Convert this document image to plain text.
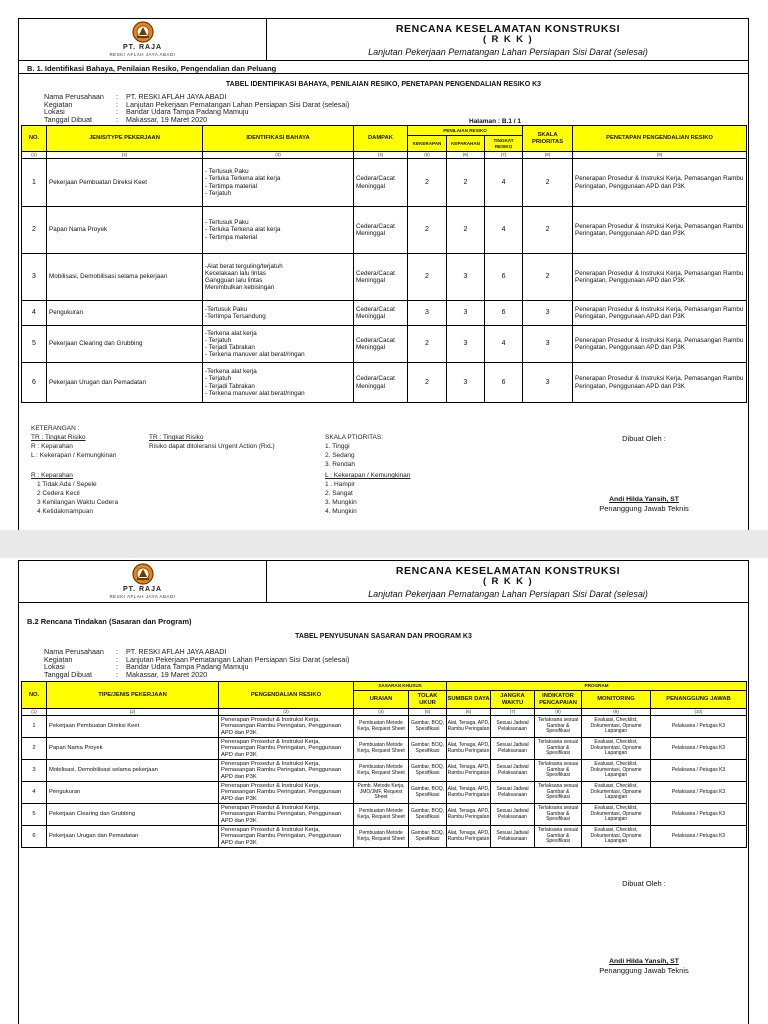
PT. RAJA
RESKI AFLAH JAYA ABADI
RENCANA KESELAMATAN KONSTRUKSI
( R K K )
Lanjutan Pekerjaan Pematangan Lahan Persiapan Sisi Darat (selesai)
B. 1. Identifikasi Bahaya, Penilaian Resiko, Pengendalian dan Peluang
TABEL IDENTIFIKASI BAHAYA, PENILAIAN RESIKO, PENETAPAN PENGENDALIAN RESIKO K3
Nama Perusahaan	:	PT. RESKI AFLAH JAYA ABADI
Kegiatan	:	Lanjutan Pekerjaan Pematangan Lahan Persiapan Sisi Darat (selesai)
Lokasi	:	Bandar Udara Tampa Padang Mamuju
Tanggal Dibuat	:	Makassar, 19 Maret 2020	Halaman : B.1 / 1
NO.	JENIS/TYPE PEKERJAAN	IDENTIFIKASI BAHAYA	DAMPAK	PENILAIAN RESIKO			SKALA PRIORITAS	PENETAPAN PENGENDALIAN RESIKO
				KEKERAPAN	KEPARAHAN	TINGKAT RESIKO		
(1)	(2)	(3)	(4)	(5)	(6)	(7)	(8)	(9)
1	Pekerjaan Pembuatan Direksi Keet	- Tertusuk Paku
- Terluka Terkena alat kerja
- Tertimpa material
- Terjatuh	Cedera/Cacat Meninggal	2	2	4	2	Penerapan Prosedur & Instruksi Kerja, Pemasangan Rambu Peringatan, Penggunaan APD dan P3K
2	Papan Nama Proyek	- Tertusuk Paku
- Terluka Terkena alat kerja
- Tertimpa material	Cedera/Cacat Meninggal	2	2	4	2	Penerapan Prosedur & Instruksi Kerja, Pemasangan Rambu Peringatan, Penggunaan APD dan P3K
3	Mobilisasi, Demobilisasi selama pekerjaan	-Alat berat terguling/terjatuh
Kecelakaan lalu lintas
Gangguan lalu lintas
Menimbulkan kebisingan	Cedera/Cacat Meninggal	2	3	6	2	Penerapan Prosedur & Instruksi Kerja, Pemasangan Rambu Peringatan, Penggunaan APD dan P3K
4	Pengukuran	-Tertusuk Paku
-Tertimpa Tersandung	Cedera/Cacat Meninggal	3	3	6	3	Penerapan Prosedur & Instruksi Kerja, Pemasangan Rambu Peringatan, Penggunaan APD dan P3K
5	Pekerjaan Clearing dan Grubbing	-Terkena alat kerja
- Terjatuh
- Terjadi Tabrakan
- Terkena manuver alat berat/ringan	Cedera/Cacat Meninggal	2	3	4	3	Penerapan Prosedur & Instruksi Kerja, Pemasangan Rambu Peringatan, Penggunaan APD dan P3K
6	Pekerjaan Urugan dan Pemadatan	-Terkena alat kerja
- Terjatuh
- Terjadi Tabrakan
- Terkena manuver alat berat/ringan	Cedera/Cacat Meninggal	2	3	6	3	Penerapan Prosedur & Instruksi Kerja, Pemasangan Rambu Peringatan, Penggunaan APD dan P3K
KETERANGAN :
TR : Tingkat Risiko	TR : Tingkat Risiko
R : Keparahan	Risiko dapat ditoleransi Urgent Action (RxL)
L : Kekerapan / Kemungkinan
R : Keparahan
1 Tidak Ada / Sepele
2 Cedera Kecil
3 Kehilangan Waktu Cedera
4 Ketidakmampuan
SKALA PTIORITAS:
1. Tinggi
2. Sedang
3. Rendah
L : Kekerapan / Kemungkinan
1 . Hampir
2. Sangat
3. Mungkin
4. Mungkin
Dibuat Oleh :
Andi Hilda Yansih, ST
Penanggung Jawab Teknis
PT. RAJA
RESKI AFLAH JAYA ABADI
RENCANA KESELAMATAN KONSTRUKSI
( R K K )
Lanjutan Pekerjaan Pematangan Lahan Persiapan Sisi Darat (selesai)
B.2 Rencana Tindakan (Sasaran dan Program)
TABEL PENYUSUNAN SASARAN DAN PROGRAM K3
Nama Perusahaan	:	PT. RESKI AFLAH JAYA ABADI
Kegiatan	:	Lanjutan Pekerjaan Pematangan Lahan Persiapan Sisi Darat (selesai)
Lokasi	:	Bandar Udara Tampa Padang Mamuju
Tanggal Dibuat	:	Makassar, 19 Maret 2020
NO.	TIPE/JENIS PEKERJAAN	PENGENDALIAN RESIKO	SASARAN KHUSUS		PROGRAM				
			URAIAN	TOLAK UKUR	SUMBER DAYA	JANGKA WAKTU	INDIKATOR PENCAPAIAN	MONITORING	PENANGGUNG JAWAB
(1)	(2)	(3)	(4)	(5)	(6)	(7)	(8)	(9)	(10)
1	Pekerjaan Pembuatan Direksi Keet	Penerapan Prosedur & Instruksi Kerja, Pemasangan Rambu Peringatan, Penggunaan APD dan P3K	Pembuatan Metode Kerja, Request Sheet	Gambar, BOQ, Spesifikasi	Alat, Tenaga, APD, Rambu Peringatan	Sesuai Jadwal Pelaksanaan	Terlaksana sesuai Gambar & Spesifikasi	Evaluasi, Checklist, Dokumentasi, Opname Lapangan	Pelaksana / Petugas K3
2	Papan Nama Proyek	Penerapan Prosedur & Instruksi Kerja, Pemasangan Rambu Peringatan, Penggunaan APD dan P3K	Pembuatan Metode Kerja, Request Sheet	Gambar, BOQ, Spesifikasi	Alat, Tenaga, APD, Rambu Peringatan	Sesuai Jadwal Pelaksanaan	Terlaksana sesuai Gambar & Spesifikasi	Evaluasi, Checklist, Dokumentasi, Opname Lapangan	Pelaksana / Petugas K3
3	Mobilisasi, Demobilisasi selama pekerjaan	Penerapan Prosedur & Instruksi Kerja, Pemasangan Rambu Peringatan, Penggunaan APD dan P3K	Pembuatan Metode Kerja, Request Sheet	Gambar, BOQ, Spesifikasi	Alat, Tenaga, APD, Rambu Peringatan	Sesuai Jadwal Pelaksanaan	Terlaksana sesuai Gambar & Spesifikasi	Evaluasi, Checklist, Dokumentasi, Opname Lapangan	Pelaksana / Petugas K3
4	Pengukuran	Penerapan Prosedur & Instruksi Kerja, Pemasangan Rambu Peringatan, Penggunaan APD dan P3K	Pemb. Metode Kerja, JMO/JMF, Request Sheet	Gambar, BOQ, Spesifikasi	Alat, Tenaga, APD, Rambu Peringatan	Sesuai Jadwal Pelaksanaan	Terlaksana sesuai Gambar & Spesifikasi	Evaluasi, Checklist, Dokumentasi, Opname Lapangan	Pelaksana / Petugas K3
5	Pekerjaan Clearing dan Grubbing	Penerapan Prosedur & Instruksi Kerja, Pemasangan Rambu Peringatan, Penggunaan APD dan P3K	Pembuatan Metode Kerja, Request Sheet	Gambar, BOQ, Spesifikasi	Alat, Tenaga, APD, Rambu Peringatan	Sesuai Jadwal Pelaksanaan	Terlaksana sesuai Gambar & Spesifikasi	Evaluasi, Checklist, Dokumentasi, Opname Lapangan	Pelaksana / Petugas K3
6	Pekerjaan Urugan dan Pemadatan	Penerapan Prosedur & Instruksi Kerja, Pemasangan Rambu Peringatan, Penggunaan APD dan P3K	Pembuatan Metode Kerja, Request Sheet	Gambar, BOQ, Spesifikasi	Alat, Tenaga, APD, Rambu Peringatan	Sesuai Jadwal Pelaksanaan	Terlaksana sesuai Gambar & Spesifikasi	Evaluasi, Checklist, Dokumentasi, Opname Lapangan	Pelaksana / Petugas K3
Dibuat Oleh :
Andi Hilda Yansih, ST
Penanggung Jawab Teknis
